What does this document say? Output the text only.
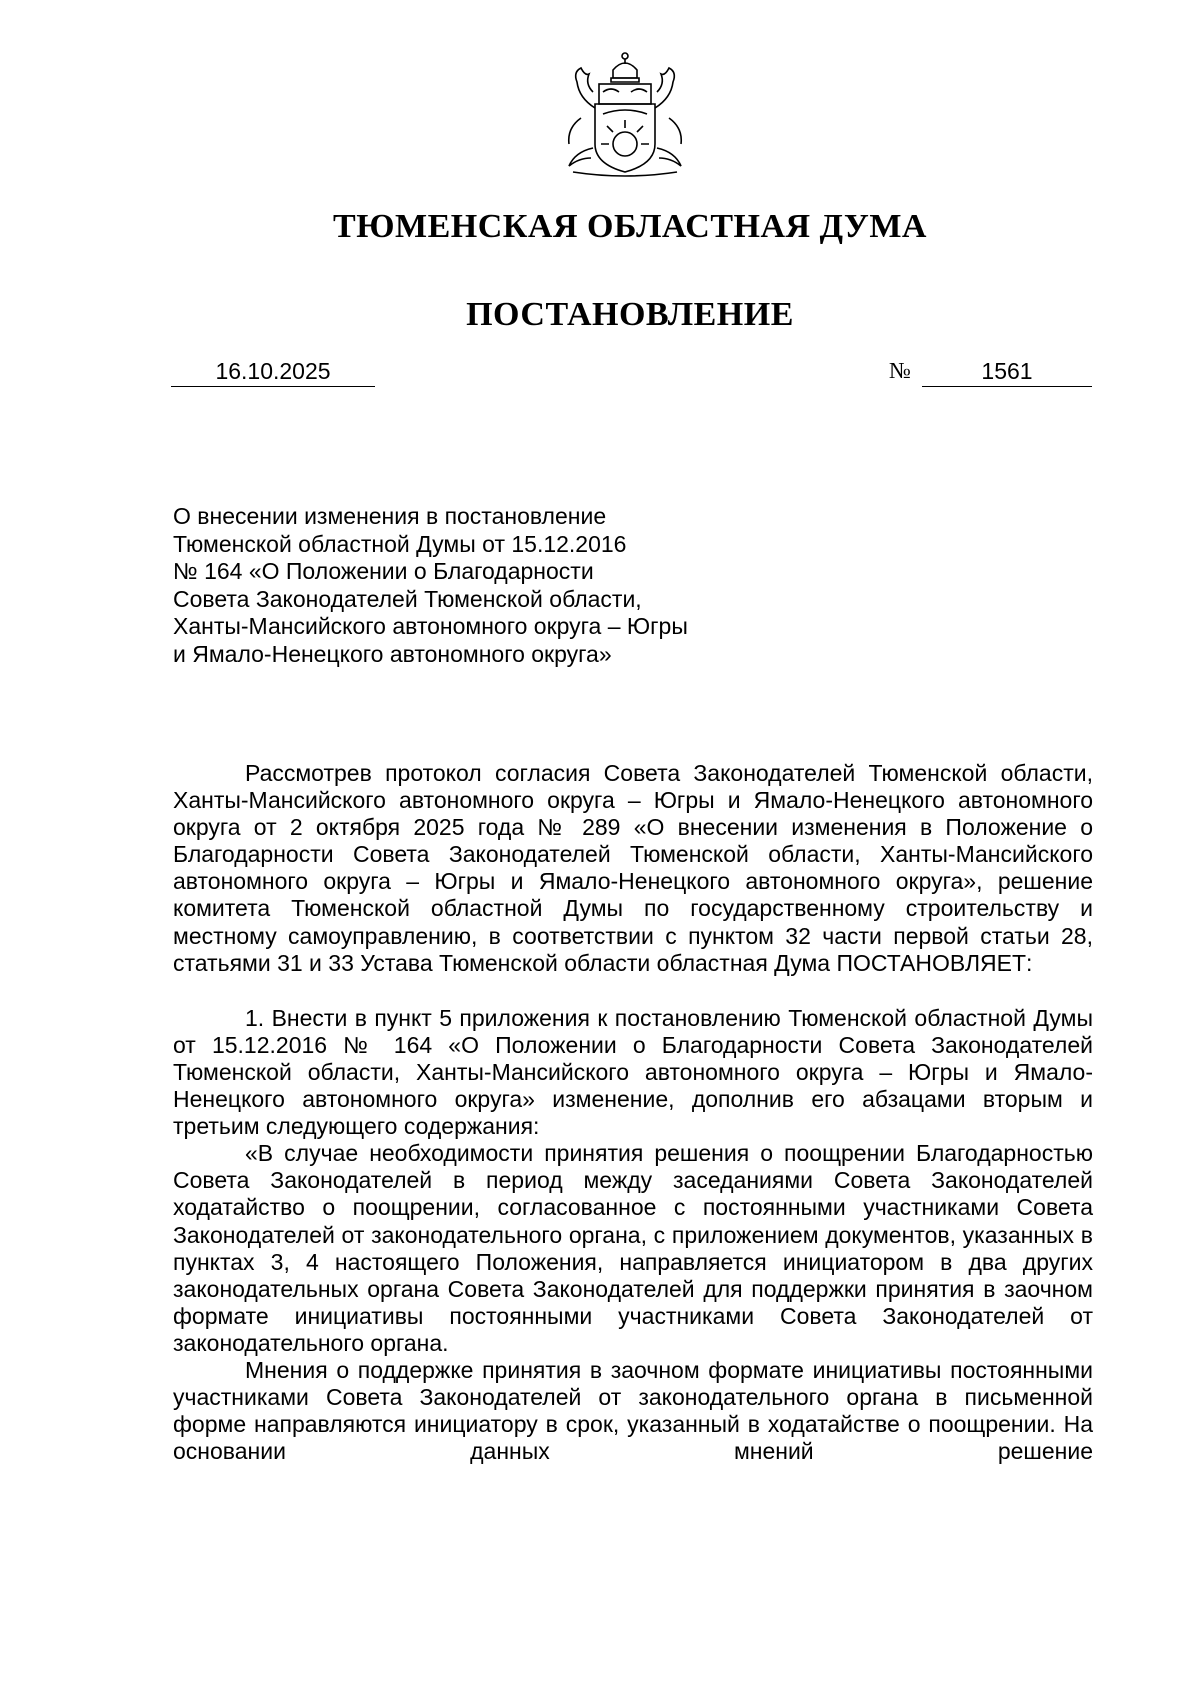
ТЮМЕНСКАЯ ОБЛАСТНАЯ ДУМА
ПОСТАНОВЛЕНИЕ
16.10.2025	№	1561
О внесении изменения в постановление
Тюменской областной Думы от 15.12.2016
№ 164 «О Положении о Благодарности
Совета Законодателей Тюменской области,
Ханты-Мансийского автономного округа – Югры
и Ямало-Ненецкого автономного округа»

Рассмотрев протокол согласия Совета Законодателей Тюменской области, Ханты-Мансийского автономного округа – Югры и Ямало-Ненецкого автономного округа от 2 октября 2025 года № 289 «О внесении изменения в Положение о Благодарности Совета Законодателей Тюменской области, Ханты-Мансийского автономного округа – Югры и Ямало-Ненецкого автономного округа», решение комитета Тюменской областной Думы по государственному строительству и местному самоуправлению, в соответствии с пунктом 32 части первой статьи 28, статьями 31 и 33 Устава Тюменской области областная Дума ПОСТАНОВЛЯЕТ:

1. Внести в пункт 5 приложения к постановлению Тюменской областной Думы от 15.12.2016 № 164 «О Положении о Благодарности Совета Законодателей Тюменской области, Ханты-Мансийского автономного округа – Югры и Ямало-Ненецкого автономного округа» изменение, дополнив его абзацами вторым и третьим следующего содержания:

«В случае необходимости принятия решения о поощрении Благодарностью Совета Законодателей в период между заседаниями Совета Законодателей ходатайство о поощрении, согласованное с постоянными участниками Совета Законодателей от законодательного органа, с приложением документов, указанных в пунктах 3, 4 настоящего Положения, направляется инициатором в два других законодательных органа Совета Законодателей для поддержки принятия в заочном формате инициативы постоянными участниками Совета Законодателей от законодательного органа.

Мнения о поддержке принятия в заочном формате инициативы постоянными участниками Совета Законодателей от законодательного органа в письменной форме направляются инициатору в срок, указанный в ходатайстве о поощрении. На основании данных мнений решение
